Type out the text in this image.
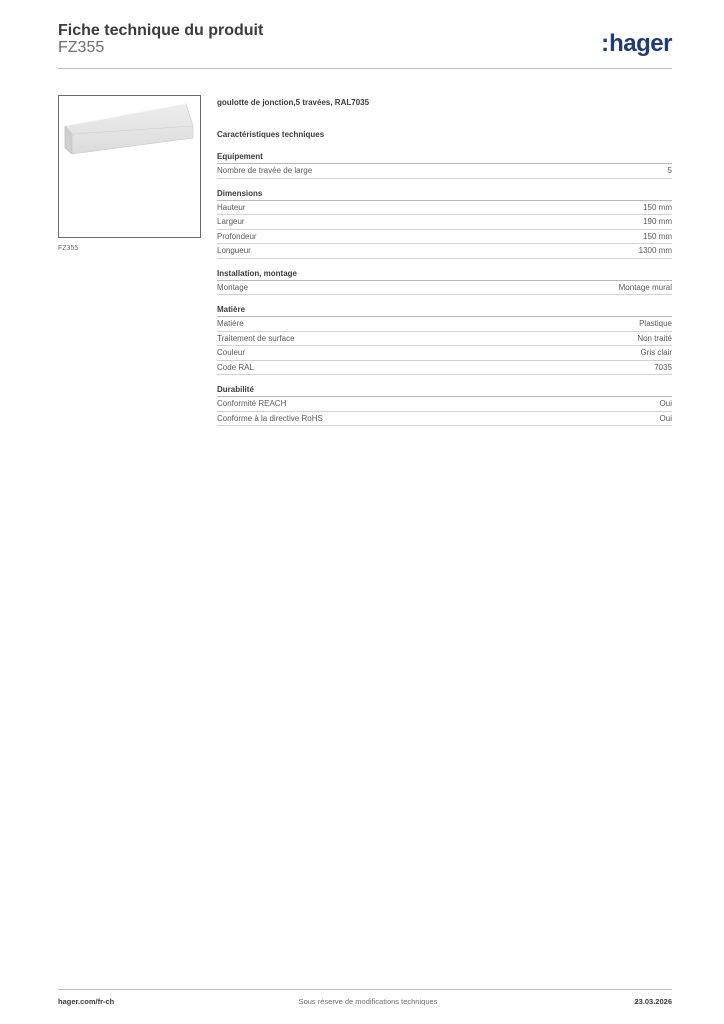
Fiche technique du produit
FZ355	:hager
FZ355
goulotte de jonction,5 travées, RAL7035
Caractéristiques techniques
Equipement
Nombre de travée de large	5
Dimensions
Hauteur	150 mm
Largeur	190 mm
Profondeur	150 mm
Longueur	1300 mm
Installation, montage
Montage	Montage mural
Matière
Matière	Plastique
Traitement de surface	Non traité
Couleur	Gris clair
Code RAL	7035
Durabilité
Conformité REACH	Oui
Conforme à la directive RoHS	Oui
hager.com/fr-ch	Sous réserve de modifications techniques	23.03.2026
